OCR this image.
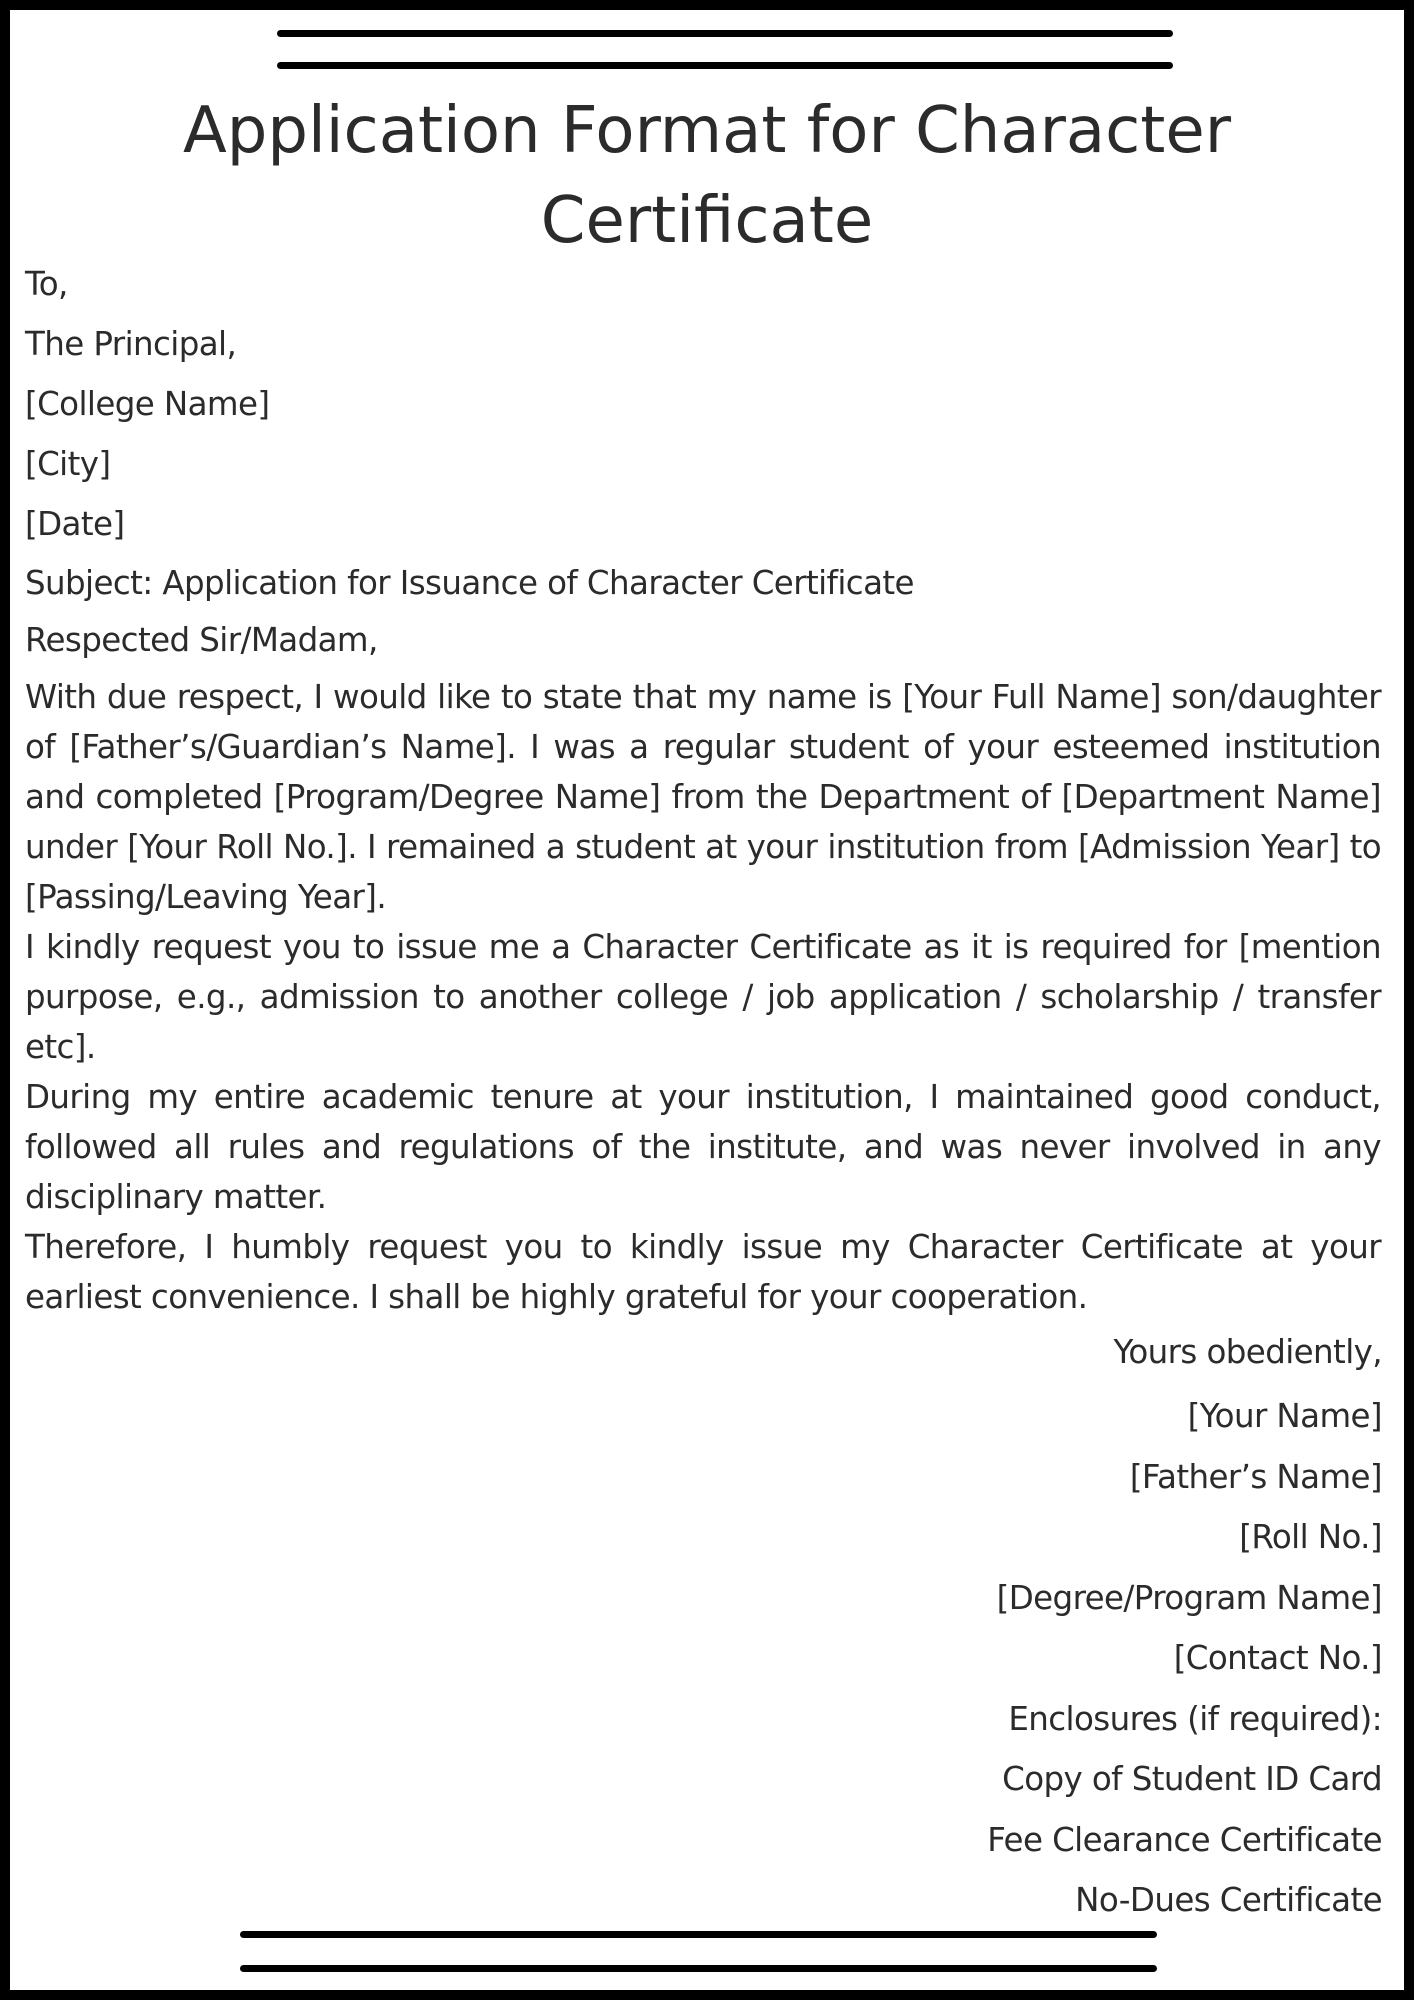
Application Format for Character Certificate
To,
The Principal,
[College Name]
[City]
[Date]
Subject: Application for Issuance of Character Certificate
Respected Sir/Madam,

With due respect, I would like to state that my name is [Your Full Name] son/daughter of [Father’s/Guardian’s Name]. I was a regular student of your esteemed institution and completed [Program/Degree Name] from the Department of [Department Name] under [Your Roll No.]. I remained a student at your institution from [Admission Year] to [Passing/Leaving Year].

I kindly request you to issue me a Character Certificate as it is required for [mention purpose, e.g., admission to another college / job application / scholarship / transfer etc].

During my entire academic tenure at your institution, I maintained good conduct, followed all rules and regulations of the institute, and was never involved in any disciplinary matter.

Therefore, I humbly request you to kindly issue my Character Certificate at your earliest convenience. I shall be highly grateful for your cooperation.

Yours obediently,
[Your Name]
[Father’s Name]
[Roll No.]
[Degree/Program Name]
[Contact No.]
Enclosures (if required):
Copy of Student ID Card
Fee Clearance Certificate
No-Dues Certificate
